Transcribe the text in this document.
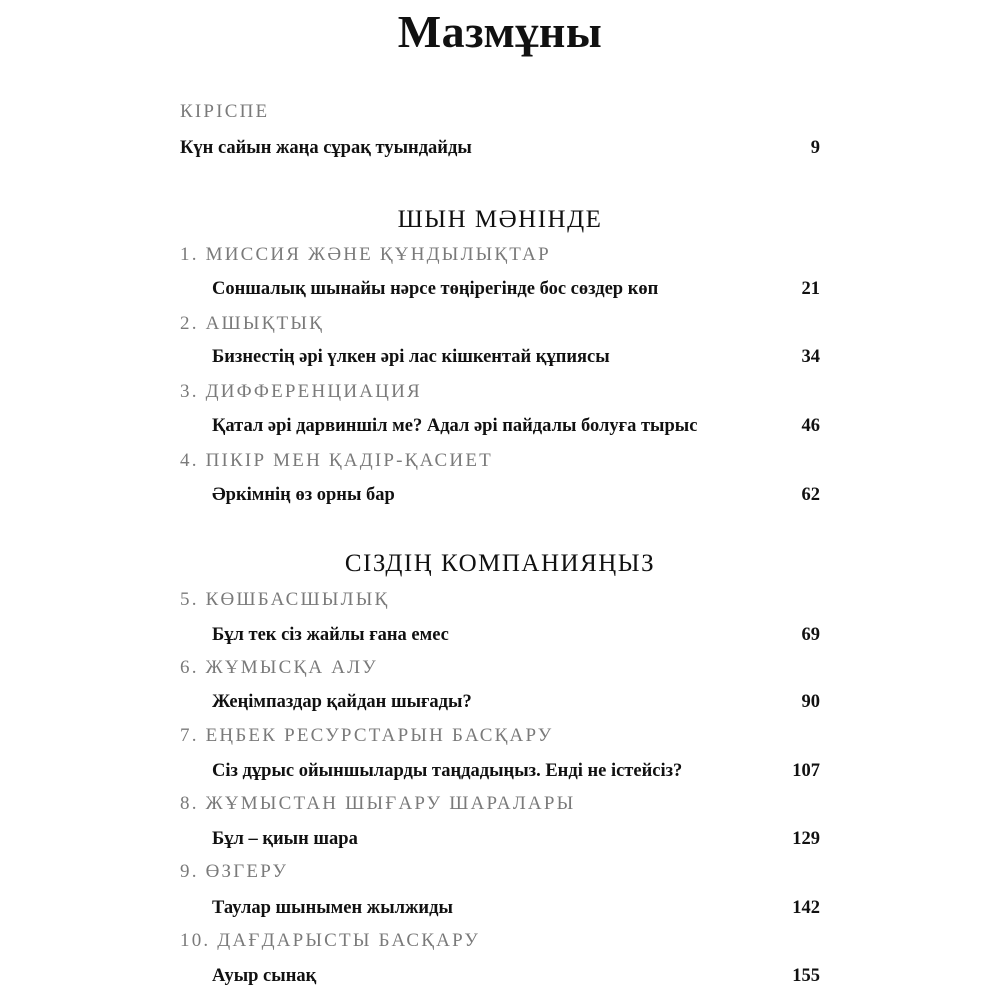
Мазмұны
КІРІСПЕ
Күн сайын жаңа сұрақ туындайды	9
ШЫН МӘНІНДЕ
1. МИССИЯ ЖӘНЕ ҚҰНДЫЛЫҚТАР
Соншалық шынайы нәрсе төңірегінде бос сөздер көп	21
2. АШЫҚТЫҚ
Бизнестің әрі үлкен әрі лас кішкентай құпиясы	34
3. ДИФФЕРЕНЦИАЦИЯ
Қатал әрі дарвиншіл ме? Адал әрі пайдалы болуға тырыс	46
4. ПІКІР МЕН ҚАДІР-ҚАСИЕТ
Әркімнің өз орны бар	62
СІЗДІҢ КОМПАНИЯҢЫЗ
5. КӨШБАСШЫЛЫҚ
Бұл тек сіз жайлы ғана емес	69
6. ЖҰМЫСҚА АЛУ
Жеңімпаздар қайдан шығады?	90
7. ЕҢБЕК РЕСУРСТАРЫН БАСҚАРУ
Сіз дұрыс ойыншыларды таңдадыңыз. Енді не істейсіз?	107
8. ЖҰМЫСТАН ШЫҒАРУ ШАРАЛАРЫ
Бұл – қиын шара	129
9. ӨЗГЕРУ
Таулар шынымен жылжиды	142
10. ДАҒДАРЫСТЫ БАСҚАРУ
Ауыр сынақ	155
